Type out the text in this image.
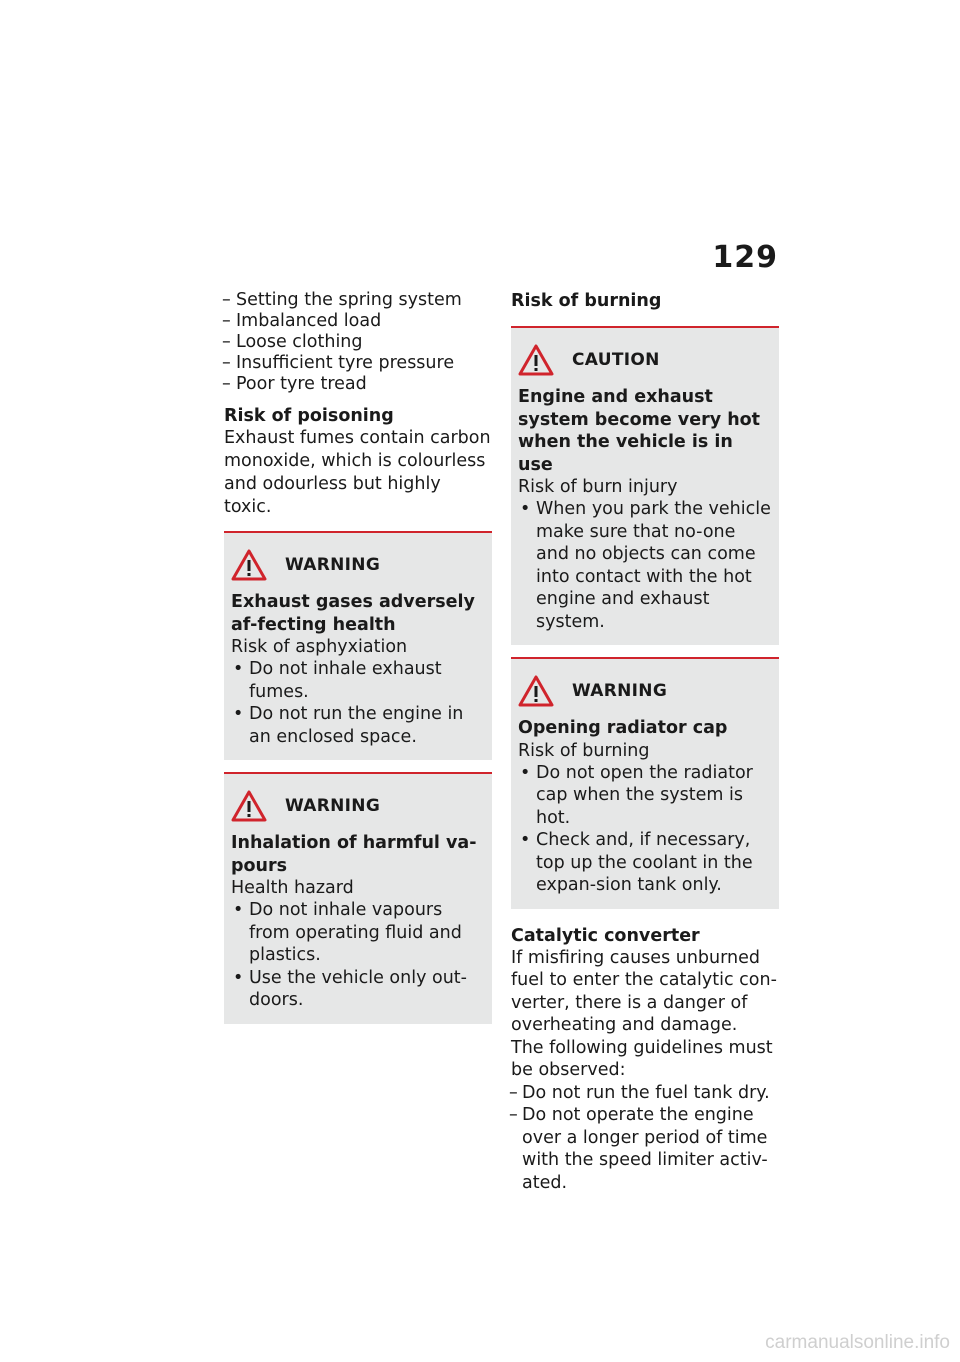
129
– Setting the spring system
– Imbalanced load
– Loose clothing
– Insufficient tyre pressure
– Poor tyre tread
Risk of poisoning

Exhaust fumes contain carbon monoxide, which is colourless and odourless but highly toxic.

WARNING
Exhaust gases adversely af-fecting health
Risk of asphyxiation
• Do not inhale exhaust fumes.
• Do not run the engine in an enclosed space.
WARNING
Inhalation of harmful va-pours
Health hazard
• Do not inhale vapours from operating fluid and plastics.
• Use the vehicle only out-doors.
Risk of burning
CAUTION
Engine and exhaust system become very hot when the vehicle is in use
Risk of burn injury
• When you park the vehicle make sure that no-one and no objects can come into contact with the hot engine and exhaust system.
WARNING
Opening radiator cap
Risk of burning
• Do not open the radiator cap when the system is hot.
• Check and, if necessary, top up the coolant in the expan-sion tank only.
Catalytic converter

If misfiring causes unburned fuel to enter the catalytic con-verter, there is a danger of overheating and damage.

The following guidelines must be observed:

– Do not run the fuel tank dry.
– Do not operate the engine over a longer period of time with the speed limiter activ-ated.
carmanualsonline.info
